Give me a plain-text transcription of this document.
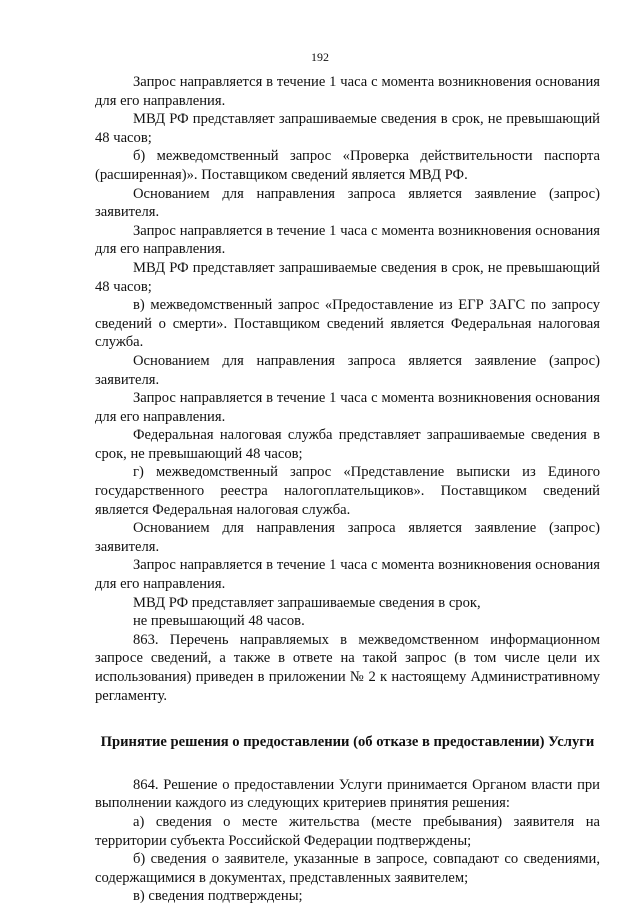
192

Запрос направляется в течение 1 часа с момента возникновения основания для его направления.

МВД РФ представляет запрашиваемые сведения в срок, не превышающий 48 часов;

б) межведомственный запрос «Проверка действительности паспорта (расширенная)». Поставщиком сведений является МВД РФ.

Основанием для направления запроса является заявление (запрос) заявителя.

Запрос направляется в течение 1 часа с момента возникновения основания для его направления.

МВД РФ представляет запрашиваемые сведения в срок, не превышающий 48 часов;

в) межведомственный запрос «Предоставление из ЕГР ЗАГС по запросу сведений о смерти». Поставщиком сведений является Федеральная налоговая служба.

Основанием для направления запроса является заявление (запрос) заявителя.

Запрос направляется в течение 1 часа с момента возникновения основания для его направления.

Федеральная налоговая служба представляет запрашиваемые сведения в срок, не превышающий 48 часов;

г) межведомственный запрос «Представление выписки из Единого государственного реестра налогоплательщиков». Поставщиком сведений является Федеральная налоговая служба.

Основанием для направления запроса является заявление (запрос) заявителя.

Запрос направляется в течение 1 часа с момента возникновения основания для его направления.

МВД РФ представляет запрашиваемые сведения в срок,

не превышающий 48 часов.

863. Перечень направляемых в межведомственном информационном запросе сведений, а также в ответе на такой запрос (в том числе цели их использования) приведен в приложении № 2 к настоящему Административному регламенту.

Принятие решения о предоставлении (об отказе в предоставлении) Услуги

864. Решение о предоставлении Услуги принимается Органом власти при выполнении каждого из следующих критериев принятия решения:

а) сведения о месте жительства (месте пребывания) заявителя на территории субъекта Российской Федерации подтверждены;

б) сведения о заявителе, указанные в запросе, совпадают со сведениями, содержащимися в документах, представленных заявителем;

в) сведения подтверждены;
